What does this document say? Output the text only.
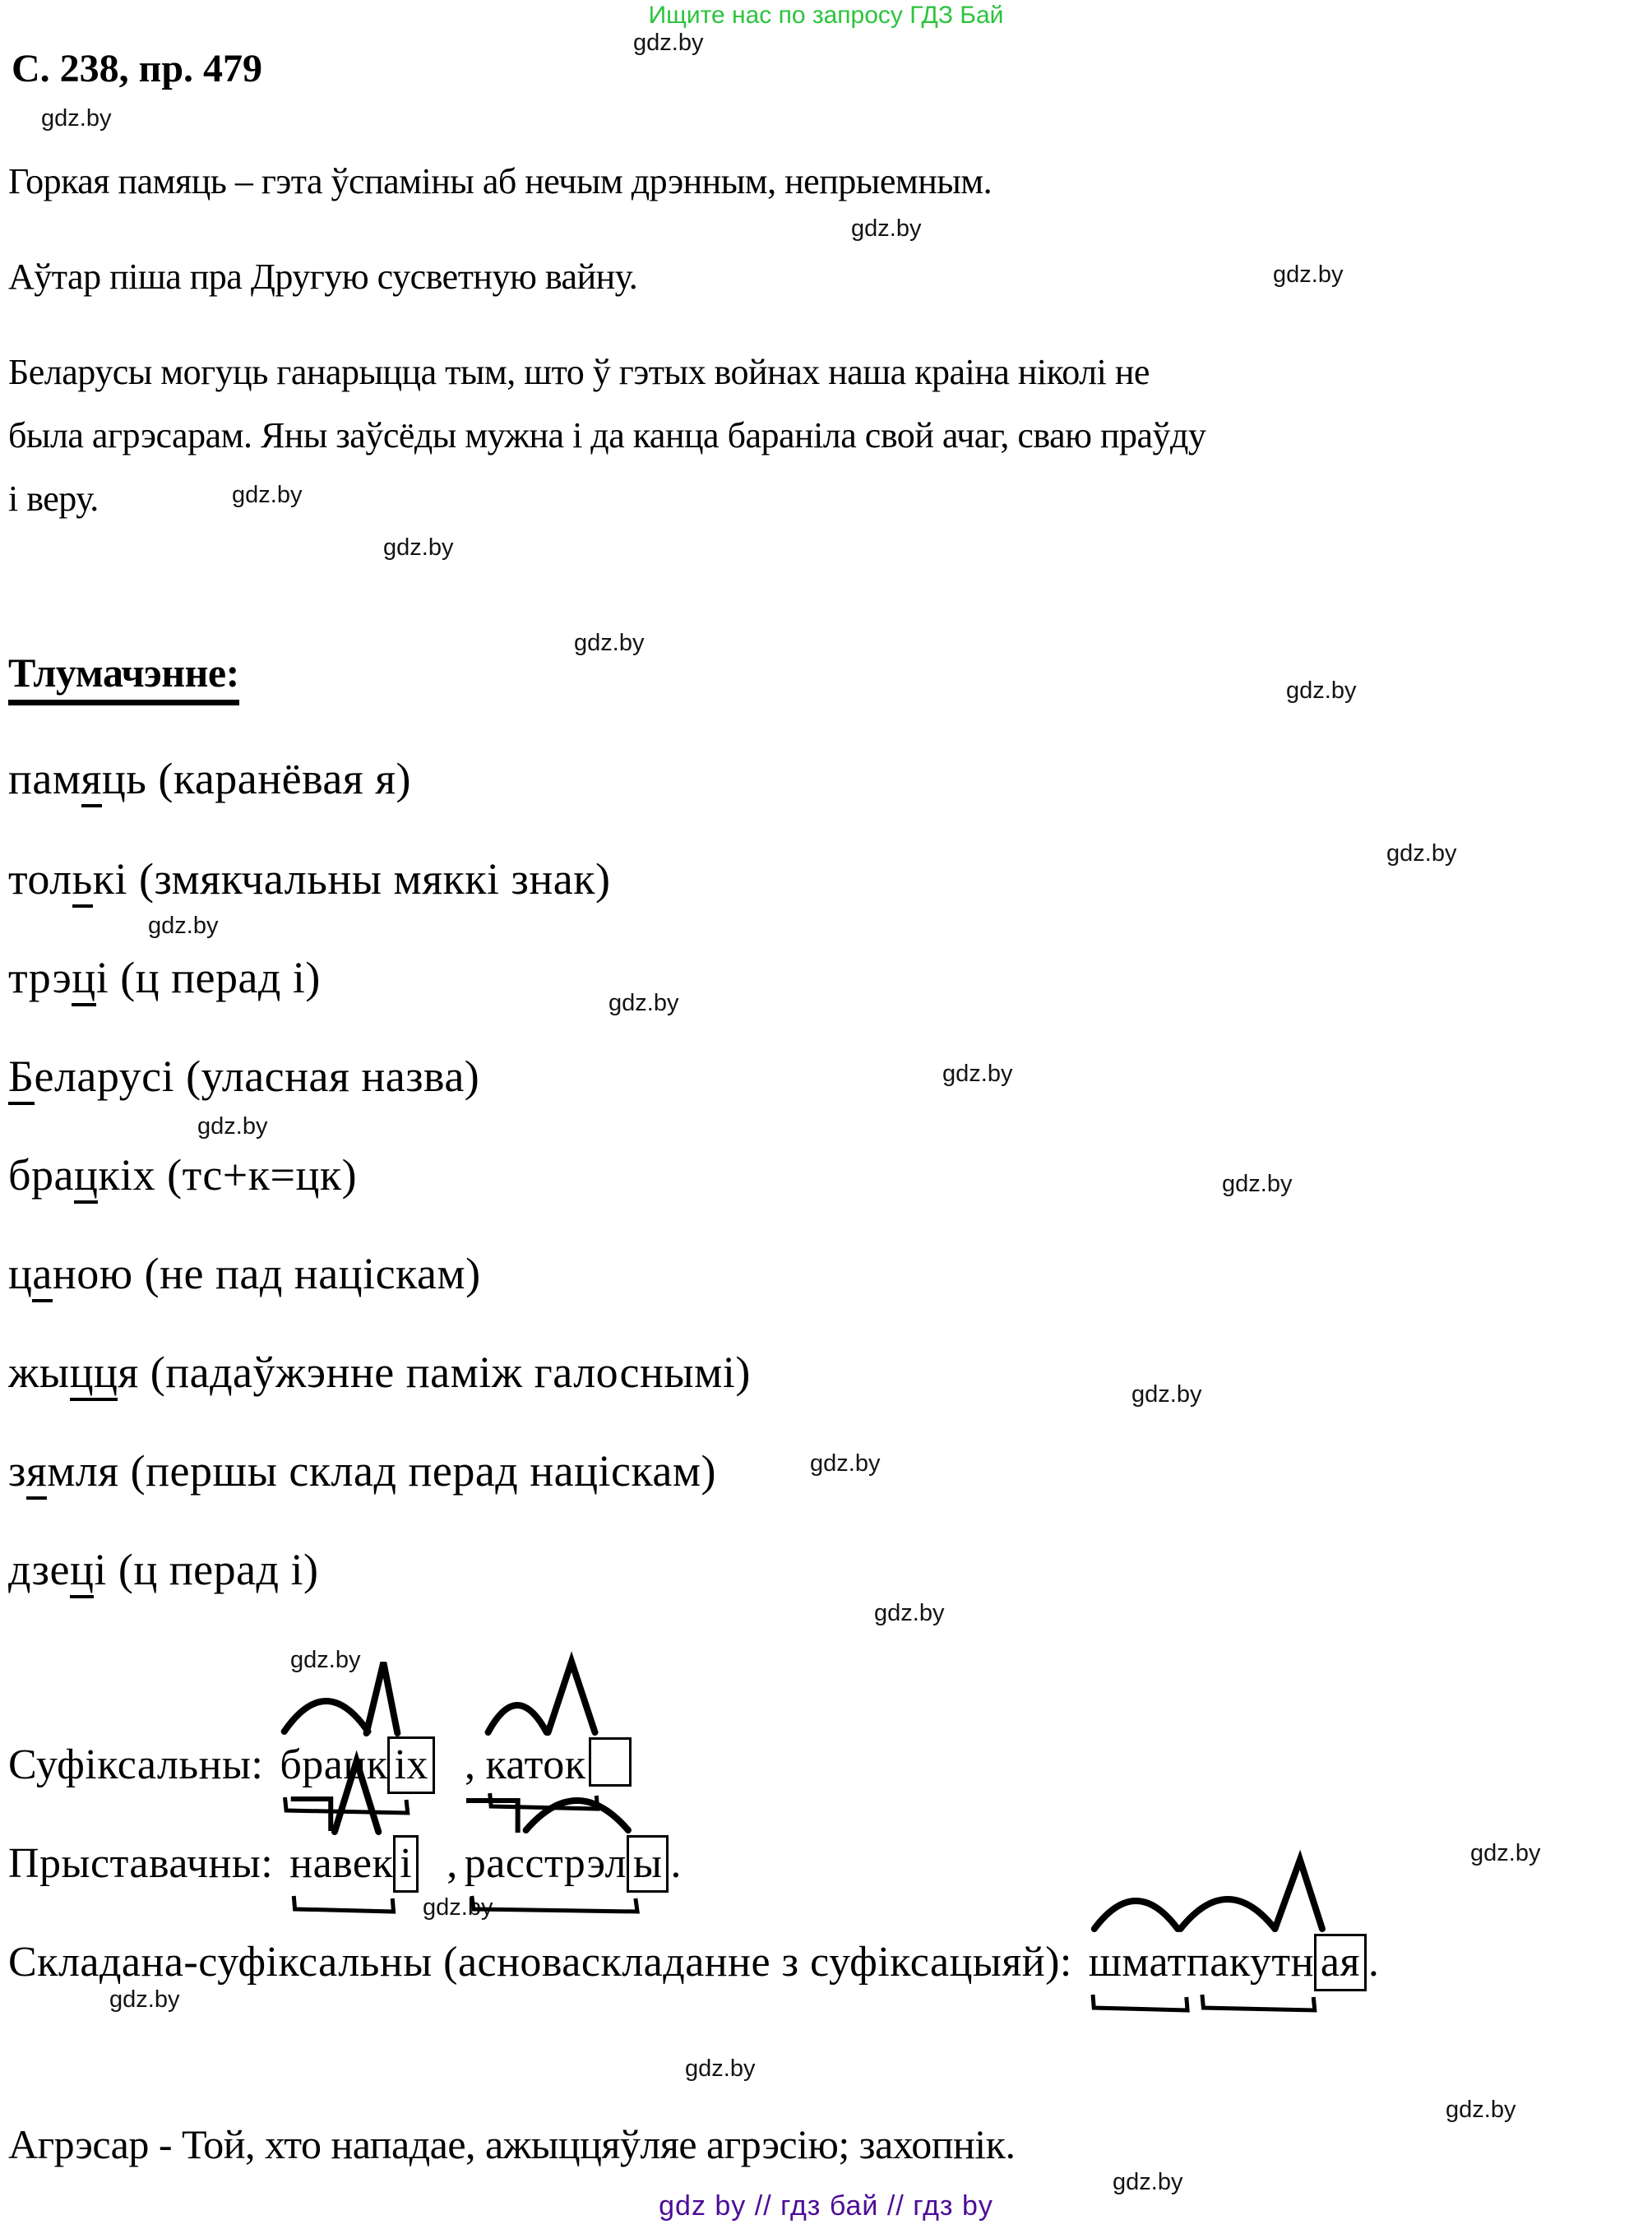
Ищите нас по запросу ГДЗ Бай
С. 238, пр. 479
gdz.by
gdz.by
gdz.by
gdz.by
gdz.by
gdz.by
gdz.by
gdz.by
gdz.by
gdz.by
gdz.by
gdz.by
gdz.by
gdz.by
gdz.by
gdz.by
gdz.by
gdz.by
gdz.by
gdz.by
gdz.by
gdz.by
gdz.by
gdz.by
Горкая памяць – гэта ўспаміны аб нечым дрэнным, непрыемным.
Аўтар піша пра Другую сусветную вайну.
Беларусы могуць ганарыцца тым, што ў гэтых войнах наша краіна ніколі не
была агрэсарам. Яны заўсёды мужна і да канца бараніла свой ачаг, сваю праўду
і веру.
Тлумачэнне:
памяць (каранёвая я)
толькі (змякчальны мяккі знак)
трэці (ц перад і)
Беларусі (уласная назва)
брацкіх (тс+к=цк)
цаною (не пад націскам)
жыцця (падаўжэнне паміж галоснымі)
зямля (першы склад перад націскам)
дзеці (ц перад і)
Суфіксальны: брацк іх , каток
Прыставачны: навек і , расстрэл ы .
Складана-суфіксальны (асноваскладанне з суфіксацыяй): шматпакутн ая .
Агрэсар - Той, хто нападае, ажыццяўляе агрэсію; захопнік.
gdz by // гдз бай // гдз by
